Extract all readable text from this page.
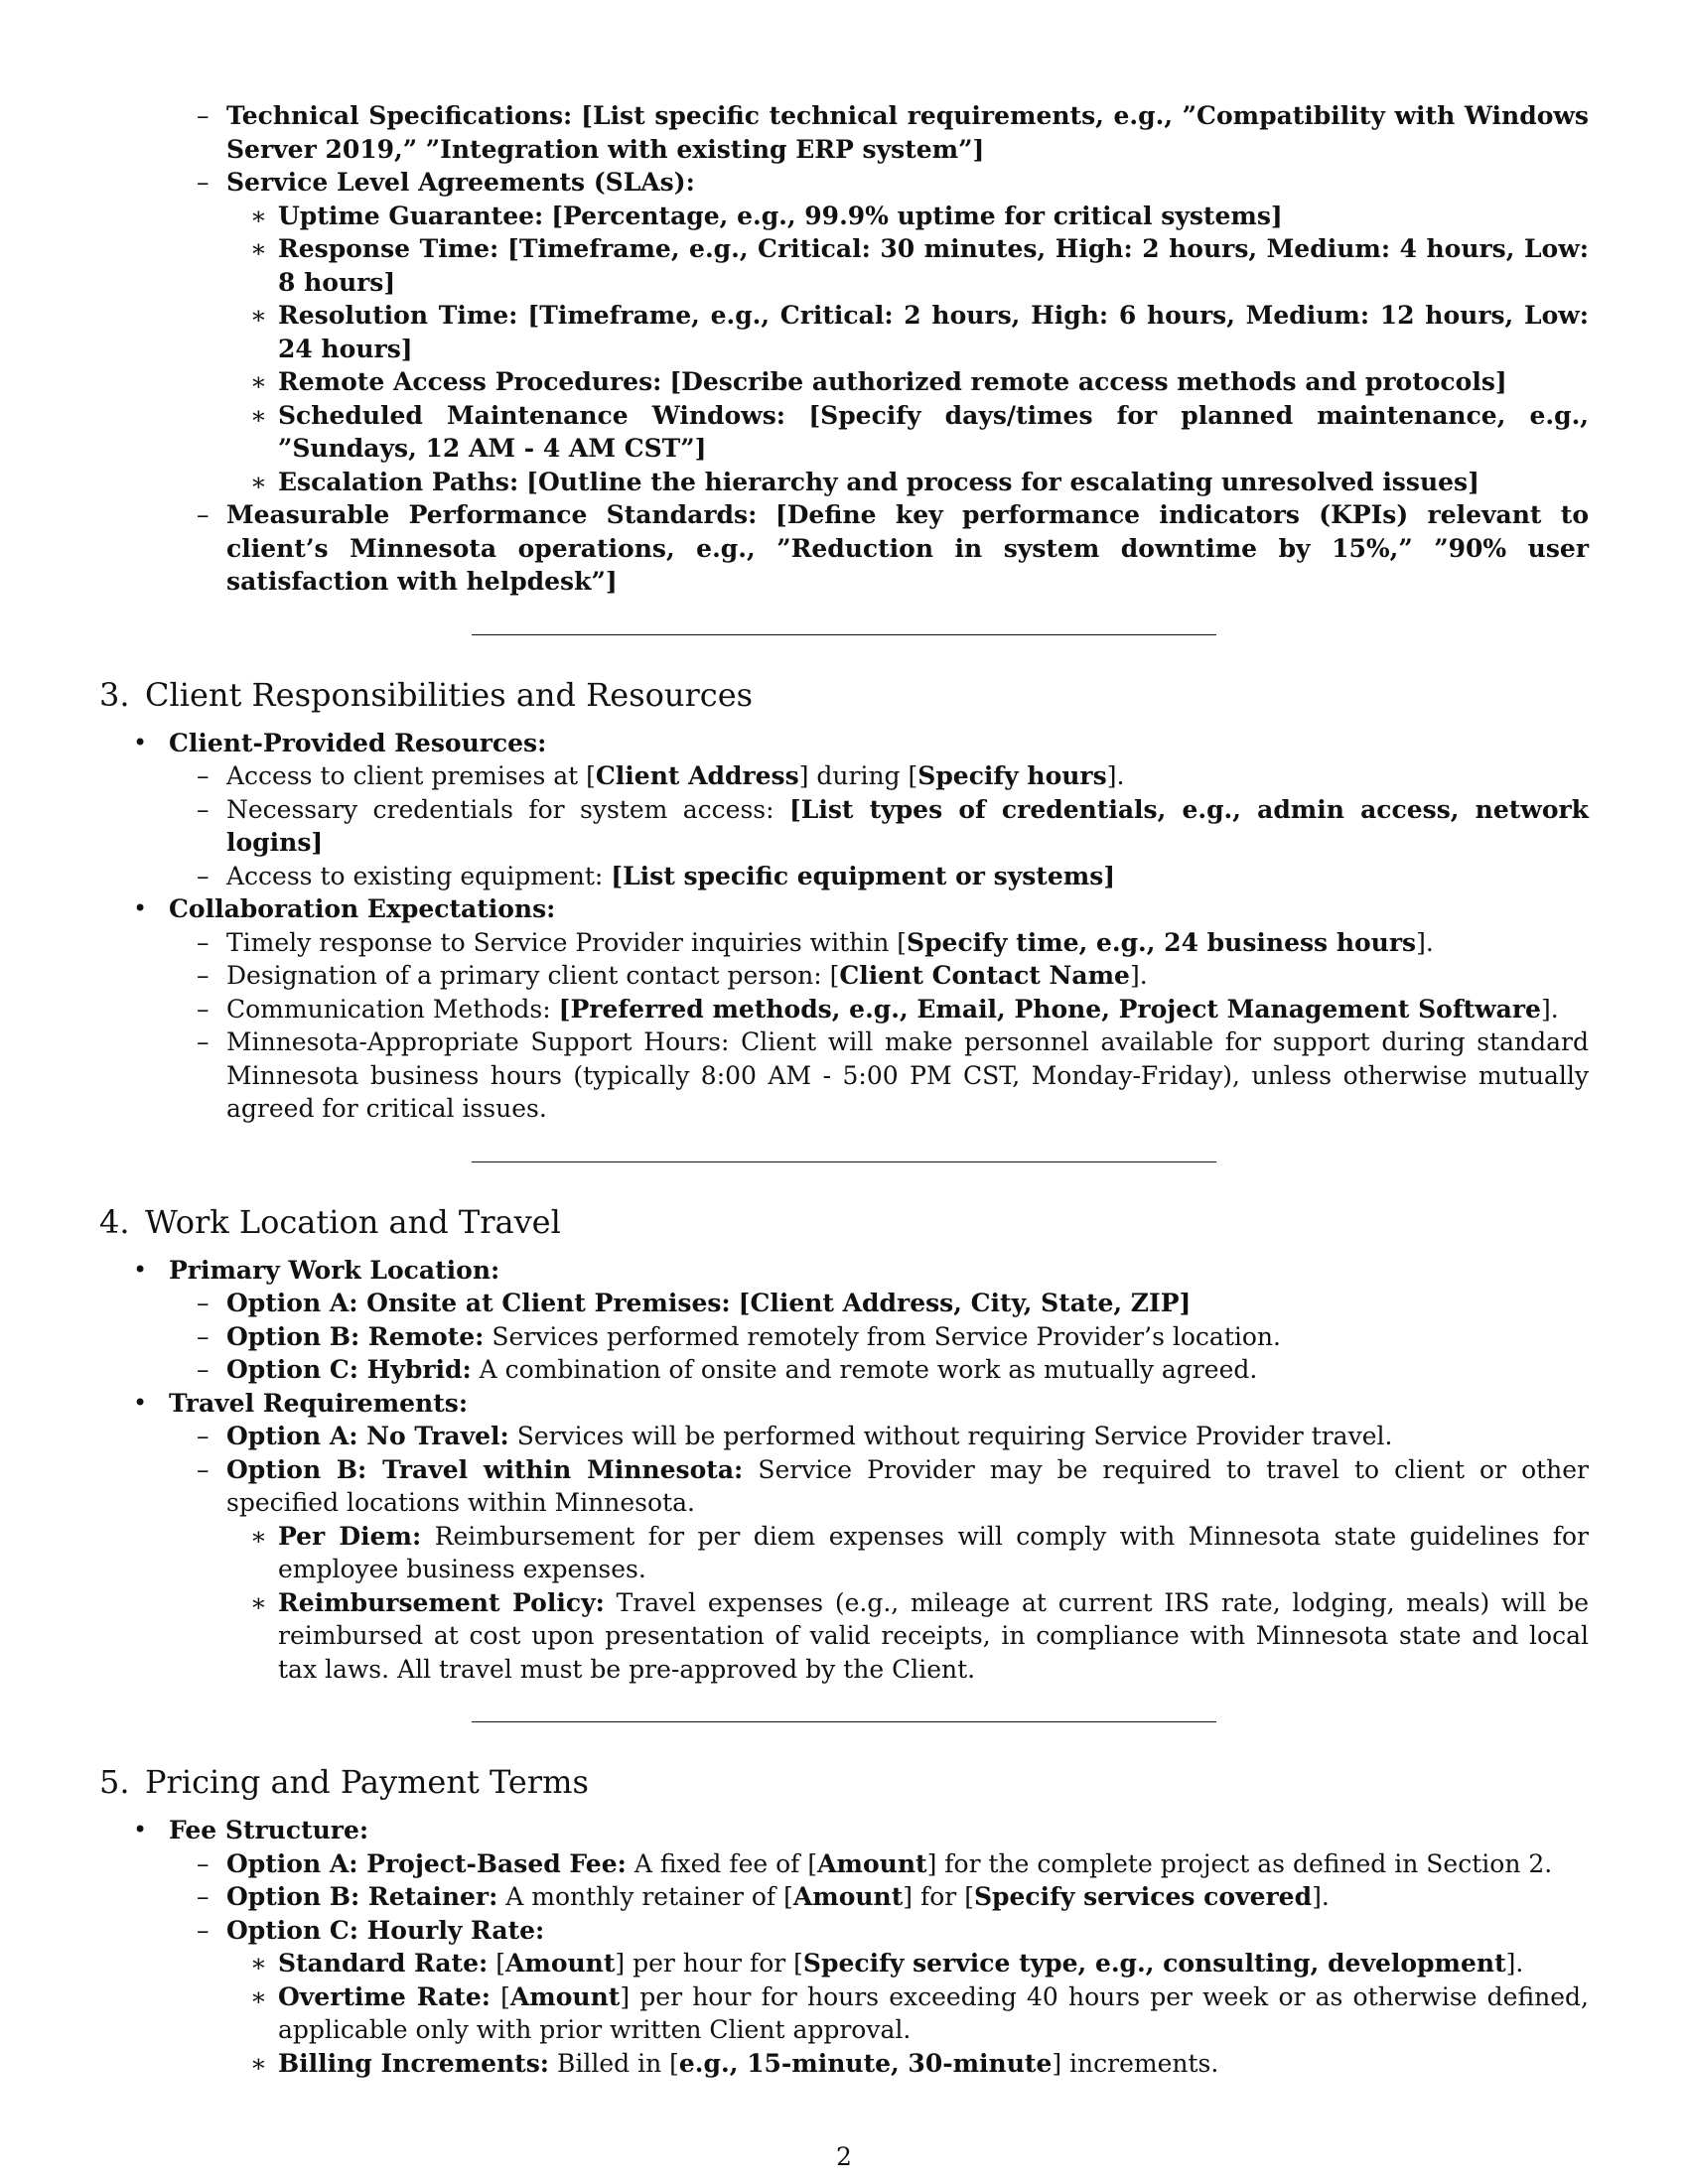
– Technical Specifications: [List specific technical requirements, e.g., ”Compatibility with Windows Server 2019,” ”Integration with existing ERP system”]
– Service Level Agreements (SLAs):
∗ Uptime Guarantee: [Percentage, e.g., 99.9% uptime for critical systems]
∗ Response Time: [Timeframe, e.g., Critical: 30 minutes, High: 2 hours, Medium: 4 hours, Low: 8 hours]
∗ Resolution Time: [Timeframe, e.g., Critical: 2 hours, High: 6 hours, Medium: 12 hours, Low: 24 hours]
∗ Remote Access Procedures: [Describe authorized remote access methods and protocols]
∗ Scheduled Maintenance Windows: [Specify days/times for planned maintenance, e.g., ”Sundays, 12 AM - 4 AM CST”]
∗ Escalation Paths: [Outline the hierarchy and process for escalating unresolved issues]
– Measurable Performance Standards: [Define key performance indicators (KPIs) relevant to client’s Minnesota operations, e.g., ”Reduction in system downtime by 15%,” ”90% user satisfaction with helpdesk”]
3. Client Responsibilities and Resources
• Client-Provided Resources:
– Access to client premises at [Client Address] during [Specify hours].
– Necessary credentials for system access: [List types of credentials, e.g., admin access, network logins]
– Access to existing equipment: [List specific equipment or systems]
• Collaboration Expectations:
– Timely response to Service Provider inquiries within [Specify time, e.g., 24 business hours].
– Designation of a primary client contact person: [Client Contact Name].
– Communication Methods: [Preferred methods, e.g., Email, Phone, Project Management Software].
– Minnesota-Appropriate Support Hours: Client will make personnel available for support during standard Minnesota business hours (typically 8:00 AM - 5:00 PM CST, Monday-Friday), unless otherwise mutually agreed for critical issues.
4. Work Location and Travel
• Primary Work Location:
– Option A: Onsite at Client Premises: [Client Address, City, State, ZIP]
– Option B: Remote: Services performed remotely from Service Provider’s location.
– Option C: Hybrid: A combination of onsite and remote work as mutually agreed.
• Travel Requirements:
– Option A: No Travel: Services will be performed without requiring Service Provider travel.
– Option B: Travel within Minnesota: Service Provider may be required to travel to client or other specified locations within Minnesota.
∗ Per Diem: Reimbursement for per diem expenses will comply with Minnesota state guidelines for employee business expenses.
∗ Reimbursement Policy: Travel expenses (e.g., mileage at current IRS rate, lodging, meals) will be reimbursed at cost upon presentation of valid receipts, in compliance with Minnesota state and local tax laws. All travel must be pre-approved by the Client.
5. Pricing and Payment Terms
• Fee Structure:
– Option A: Project-Based Fee: A fixed fee of [Amount] for the complete project as defined in Section 2.
– Option B: Retainer: A monthly retainer of [Amount] for [Specify services covered].
– Option C: Hourly Rate:
∗ Standard Rate: [Amount] per hour for [Specify service type, e.g., consulting, development].
∗ Overtime Rate: [Amount] per hour for hours exceeding 40 hours per week or as otherwise defined, applicable only with prior written Client approval.
∗ Billing Increments: Billed in [e.g., 15-minute, 30-minute] increments.
2
